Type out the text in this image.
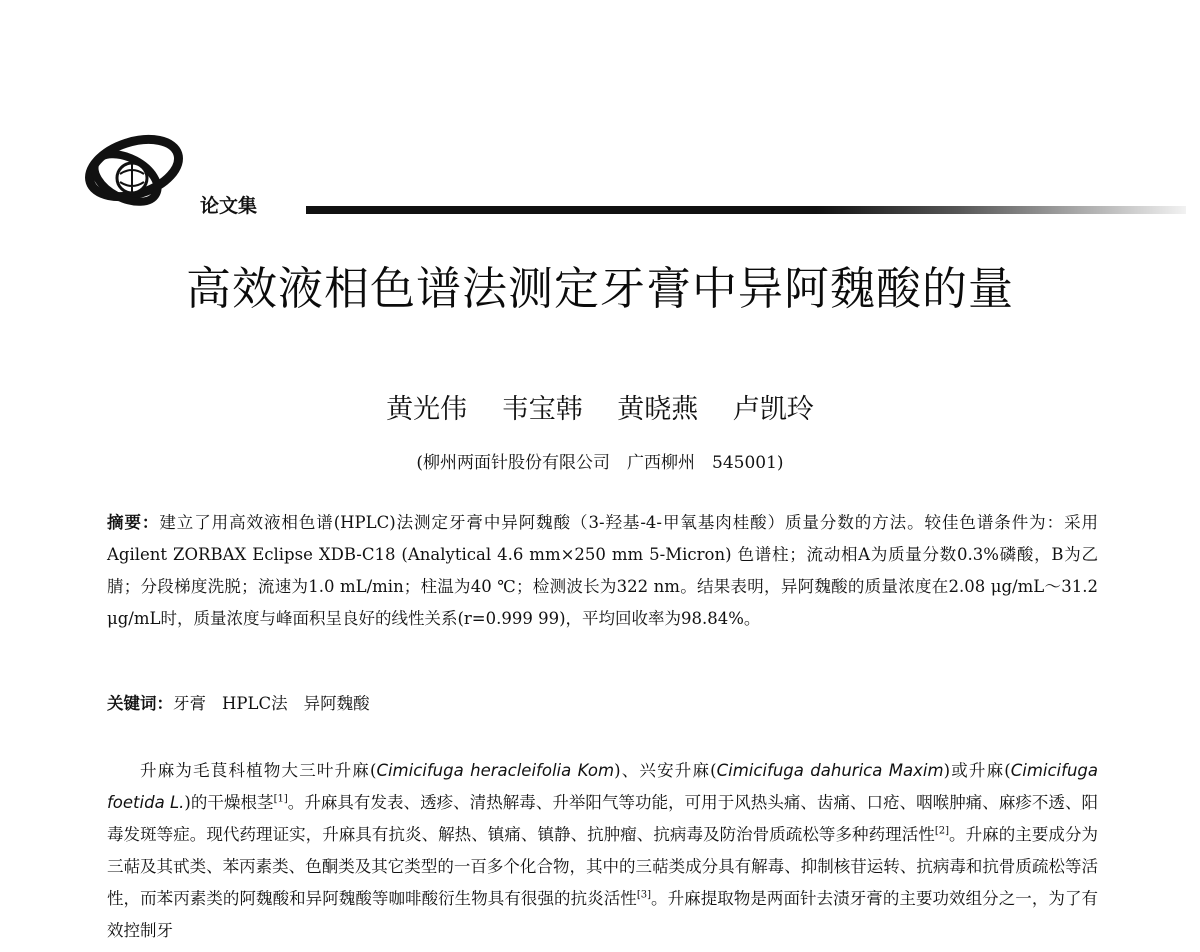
论文集
高效液相色谱法测定牙膏中异阿魏酸的量
黄光伟 韦宝韩 黄晓燕 卢凯玲
(柳州两面针股份有限公司　广西柳州　545001)
摘要：建立了用高效液相色谱(HPLC)法测定牙膏中异阿魏酸（3-羟基-4-甲氧基肉桂酸）质量分数的方法。较佳色谱条件为：采用Agilent ZORBAX Eclipse XDB-C18 (Analytical 4.6 mm×250 mm 5-Micron) 色谱柱；流动相A为质量分数0.3%磷酸，B为乙腈；分段梯度洗脱；流速为1.0 mL/min；柱温为40 ℃；检测波长为322 nm。结果表明，异阿魏酸的质量浓度在2.08 μg/mL～31.2 μg/mL时，质量浓度与峰面积呈良好的线性关系(r=0.999 99)，平均回收率为98.84%。
关键词：牙膏 HPLC法 异阿魏酸
升麻为毛茛科植物大三叶升麻(Cimicifuga heracleifolia Kom)、兴安升麻(Cimicifuga dahurica Maxim)或升麻(Cimicifuga foetida L.)的干燥根茎[1]。升麻具有发表、透疹、清热解毒、升举阳气等功能，可用于风热头痛、齿痛、口疮、咽喉肿痛、麻疹不透、阳毒发斑等症。现代药理证实，升麻具有抗炎、解热、镇痛、镇静、抗肿瘤、抗病毒及防治骨质疏松等多种药理活性[2]。升麻的主要成分为三萜及其甙类、苯丙素类、色酮类及其它类型的一百多个化合物，其中的三萜类成分具有解毒、抑制核苷运转、抗病毒和抗骨质疏松等活性，而苯丙素类的阿魏酸和异阿魏酸等咖啡酸衍生物具有很强的抗炎活性[3]。升麻提取物是两面针去渍牙膏的主要功效组分之一，为了有效控制牙
